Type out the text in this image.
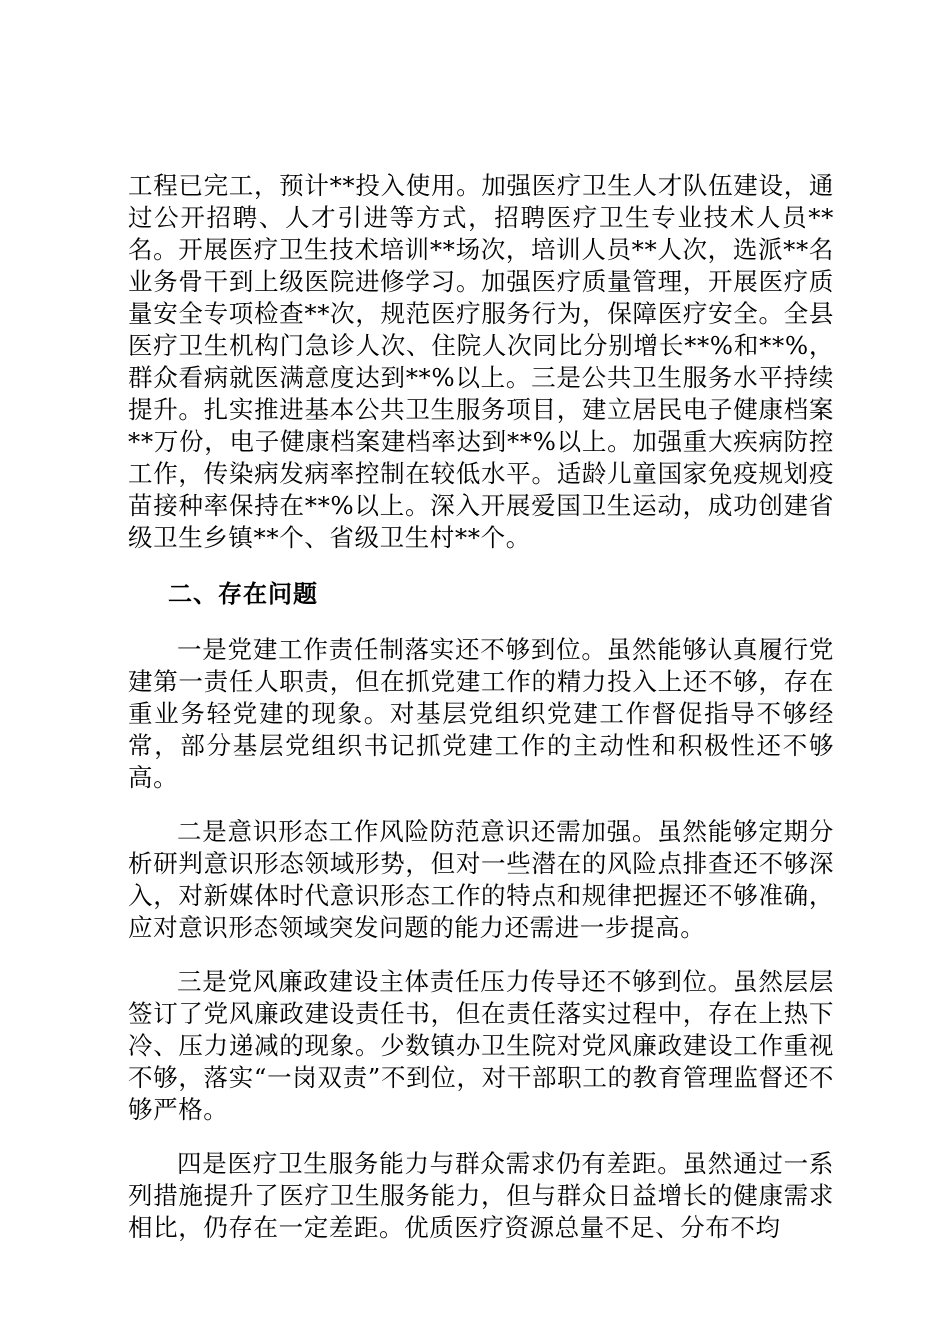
工程已完工，预计**投入使用。加强医疗卫生人才队伍建设，通过公开招聘、人才引进等方式，招聘医疗卫生专业技术人员**名。开展医疗卫生技术培训**场次，培训人员**人次，选派**名业务骨干到上级医院进修学习。加强医疗质量管理，开展医疗质量安全专项检查**次，规范医疗服务行为，保障医疗安全。全县医疗卫生机构门急诊人次、住院人次同比分别增长**%和**%，群众看病就医满意度达到**%以上。三是公共卫生服务水平持续提升。扎实推进基本公共卫生服务项目，建立居民电子健康档案**万份，电子健康档案建档率达到**%以上。加强重大疾病防控工作，传染病发病率控制在较低水平。适龄儿童国家免疫规划疫苗接种率保持在**%以上。深入开展爱国卫生运动，成功创建省级卫生乡镇**个、省级卫生村**个。

二、存在问题

一是党建工作责任制落实还不够到位。虽然能够认真履行党建第一责任人职责，但在抓党建工作的精力投入上还不够，存在重业务轻党建的现象。对基层党组织党建工作督促指导不够经常，部分基层党组织书记抓党建工作的主动性和积极性还不够高。

二是意识形态工作风险防范意识还需加强。虽然能够定期分析研判意识形态领域形势，但对一些潜在的风险点排查还不够深入，对新媒体时代意识形态工作的特点和规律把握还不够准确，应对意识形态领域突发问题的能力还需进一步提高。

三是党风廉政建设主体责任压力传导还不够到位。虽然层层签订了党风廉政建设责任书，但在责任落实过程中，存在上热下冷、压力递减的现象。少数镇办卫生院对党风廉政建设工作重视不够，落实“一岗双责”不到位，对干部职工的教育管理监督还不够严格。

四是医疗卫生服务能力与群众需求仍有差距。虽然通过一系列措施提升了医疗卫生服务能力，但与群众日益增长的健康需求相比，仍存在一定差距。优质医疗资源总量不足、分布不均
